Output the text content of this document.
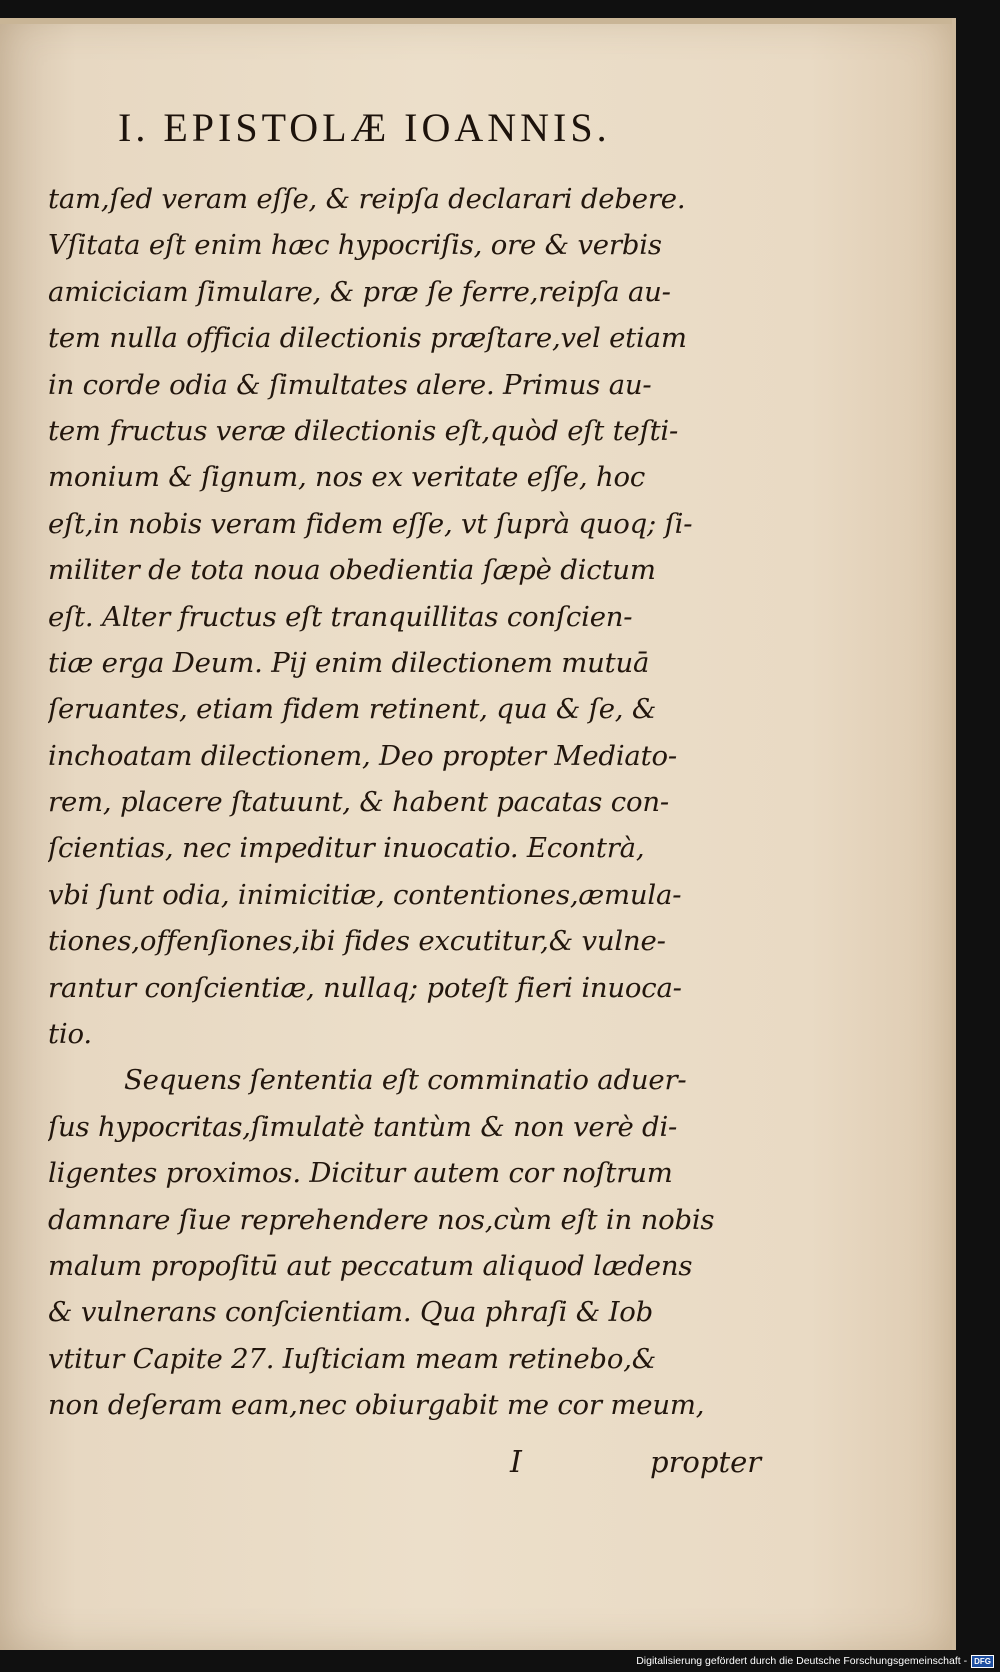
I. EPISTOLÆ IOANNIS.
tam,ſed veram eſſe, & reipſa declarari debere.
Vſitata eſt enim hæc hypocriſis, ore & verbis
amiciciam ſimulare, & præ ſe ferre,reipſa au-
tem nulla officia dilectionis præſtare,vel etiam
in corde odia & ſimultates alere. Primus au-
tem fructus veræ dilectionis eſt,quòd eſt teſti-
monium & ſignum, nos ex veritate eſſe, hoc
eſt,in nobis veram fidem eſſe, vt ſuprà quoq; ſi-
militer de tota noua obedientia ſæpè dictum
eſt. Alter fructus eſt tranquillitas conſcien-
tiæ erga Deum. Pij enim dilectionem mutuā
ſeruantes, etiam fidem retinent, qua & ſe, &
inchoatam dilectionem, Deo propter Mediato-
rem, placere ſtatuunt, & habent pacatas con-
ſcientias, nec impeditur inuocatio. Econtrà,
vbi ſunt odia, inimicitiæ, contentiones,æmula-
tiones,offenſiones,ibi fides excutitur,& vulne-
rantur conſcientiæ, nullaq; poteſt fieri inuoca-
tio.
Sequens ſententia eſt comminatio aduer-
ſus hypocritas,ſimulatè tantùm & non verè di-
ligentes proximos. Dicitur autem cor noſtrum
damnare ſiue reprehendere nos,cùm eſt in nobis
malum propoſitū aut peccatum aliquod lædens
& vulnerans conſcientiam. Qua phraſi & Iob
vtitur Capite 27. Iuſticiam meam retinebo,&
non deſeram eam,nec obiurgabit me cor meum,
I	propter
Digitalisierung gefördert durch die Deutsche Forschungsgemeinschaft - DFG
